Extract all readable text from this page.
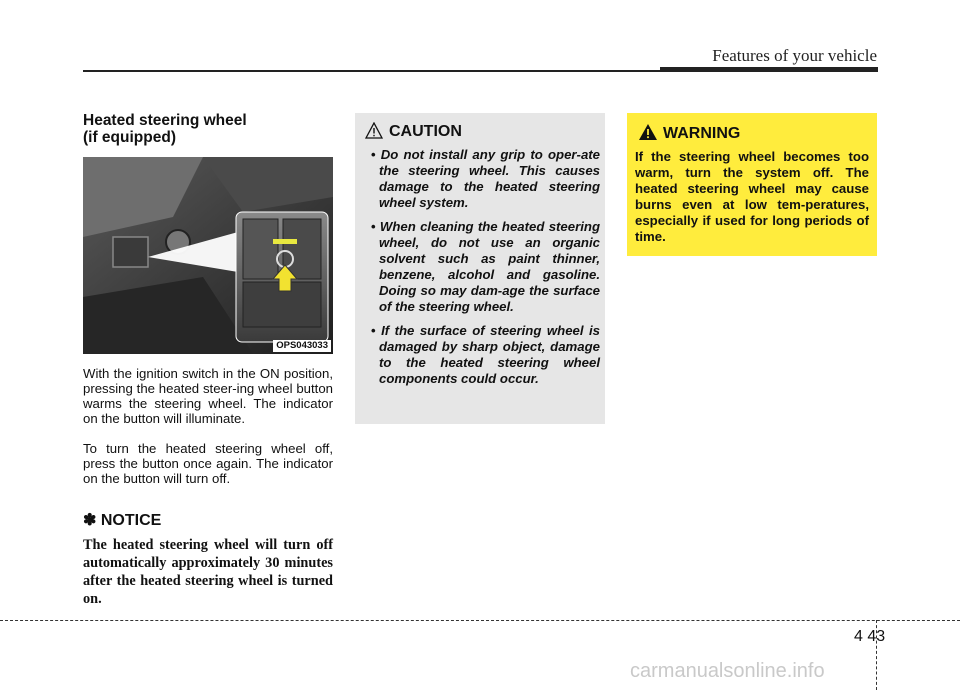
Features of your vehicle
Heated steering wheel
(if equipped)
OPS043033

With the ignition switch in the ON position, pressing the heated steer-ing wheel button warms the steering wheel. The indicator on the button will illuminate.

To turn the heated steering wheel off, press the button once again. The indicator on the button will turn off.

✽ NOTICE

The heated steering wheel will turn off automatically approximately 30 minutes after the heated steering wheel is turned on.

CAUTION
• Do not install any grip to oper-ate the steering wheel. This causes damage to the heated steering wheel system.
• When cleaning the heated steering wheel, do not use an organic solvent such as paint thinner, benzene, alcohol and gasoline. Doing so may dam-age the surface of the steering wheel.
• If the surface of steering wheel is damaged by sharp object, damage to the heated steering wheel components could occur.
WARNING

If the steering wheel becomes too warm, turn the system off. The heated steering wheel may cause burns even at low tem-peratures, especially if used for long periods of time.

4 43
carmanualsonline.info
